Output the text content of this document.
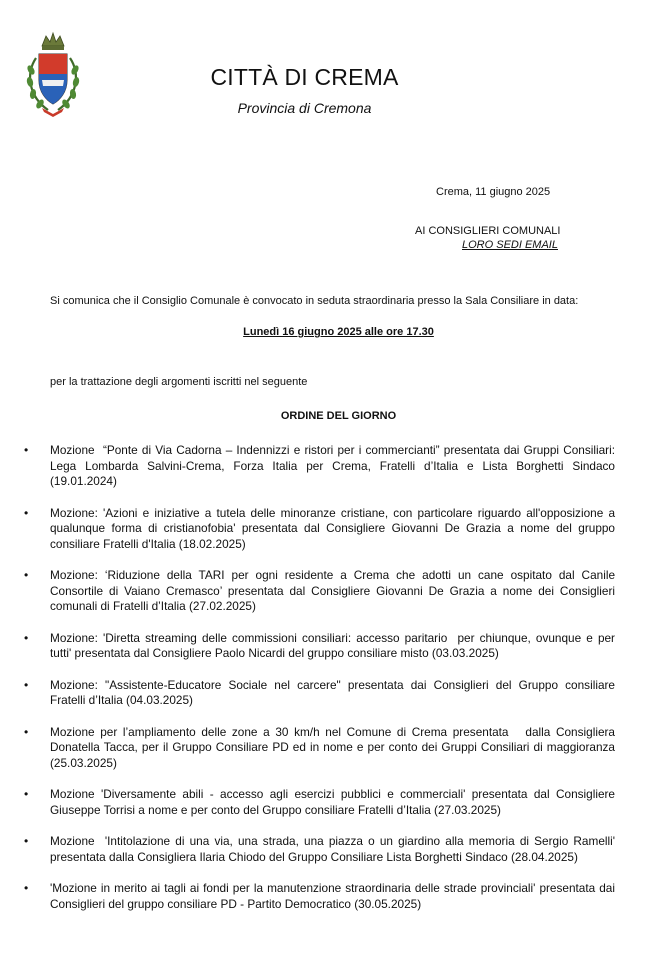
CITTÀ DI CREMA
Provincia di Cremona
Crema, 11 giugno 2025
AI CONSIGLIERI COMUNALI
LORO SEDI EMAIL
Si comunica che il Consiglio Comunale è convocato in seduta straordinaria presso la Sala Consiliare in data:
Lunedì 16 giugno 2025 alle ore 17.30
per la trattazione degli argomenti iscritti nel seguente
ORDINE DEL GIORNO
• Mozione  “Ponte di Via Cadorna – Indennizzi e ristori per i commercianti” presentata dai Gruppi Consiliari: Lega Lombarda Salvini-Crema, Forza Italia per Crema, Fratelli d’Italia e Lista Borghetti Sindaco (19.01.2024)
• Mozione: 'Azioni e iniziative a tutela delle minoranze cristiane, con particolare riguardo all'opposizione a qualunque forma di cristianofobia' presentata dal Consigliere Giovanni De Grazia a nome del gruppo consiliare Fratelli d'Italia (18.02.2025)
• Mozione: ‘Riduzione della TARI per ogni residente a Crema che adotti un cane ospitato dal Canile Consortile di Vaiano Cremasco’ presentata dal Consigliere Giovanni De Grazia a nome dei Consiglieri comunali di Fratelli d’Italia (27.02.2025)
• Mozione: 'Diretta streaming delle commissioni consiliari: accesso paritario  per chiunque, ovunque e per tutti' presentata dal Consigliere Paolo Nicardi del gruppo consiliare misto (03.03.2025)
• Mozione: "Assistente-Educatore Sociale nel carcere" presentata dai Consiglieri del Gruppo consiliare Fratelli d’Italia (04.03.2025)
• Mozione per l’ampliamento delle zone a 30 km/h nel Comune di Crema presentata   dalla Consigliera Donatella Tacca, per il Gruppo Consiliare PD ed in nome e per conto dei Gruppi Consiliari di maggioranza (25.03.2025)
• Mozione 'Diversamente abili - accesso agli esercizi pubblici e commerciali' presentata dal Consigliere Giuseppe Torrisi a nome e per conto del Gruppo consiliare Fratelli d’Italia (27.03.2025)
• Mozione  'Intitolazione di una via, una strada, una piazza o un giardino alla memoria di Sergio Ramelli' presentata dalla Consigliera Ilaria Chiodo del Gruppo Consiliare Lista Borghetti Sindaco (28.04.2025)
• 'Mozione in merito ai tagli ai fondi per la manutenzione straordinaria delle strade provinciali' presentata dai Consiglieri del gruppo consiliare PD - Partito Democratico (30.05.2025)
